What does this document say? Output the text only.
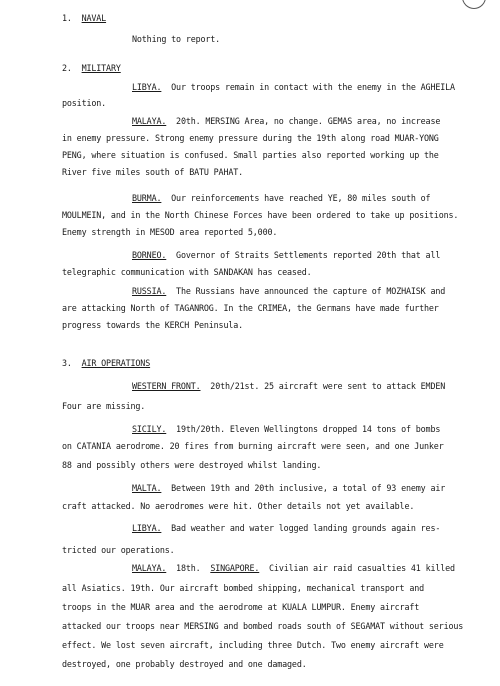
1. NAVAL
Nothing to report.
2. MILITARY
LIBYA. Our troops remain in contact with the enemy in the AGHEILA
position.
MALAYA. 20th. MERSING Area, no change. GEMAS area, no increase
in enemy pressure. Strong enemy pressure during the 19th along road MUAR-YONG
PENG, where situation is confused. Small parties also reported working up the
River five miles south of BATU PAHAT.
BURMA. Our reinforcements have reached YE, 80 miles south of
MOULMEIN, and in the North Chinese Forces have been ordered to take up positions.
Enemy strength in MESOD area reported 5,000.
BORNEO. Governor of Straits Settlements reported 20th that all
telegraphic communication with SANDAKAN has ceased.
RUSSIA. The Russians have announced the capture of MOZHAISK and
are attacking North of TAGANROG. In the CRIMEA, the Germans have made further
progress towards the KERCH Peninsula.
3. AIR OPERATIONS
WESTERN FRONT. 20th/21st. 25 aircraft were sent to attack EMDEN
Four are missing.
SICILY. 19th/20th. Eleven Wellingtons dropped 14 tons of bombs
on CATANIA aerodrome. 20 fires from burning aircraft were seen, and one Junker
88 and possibly others were destroyed whilst landing.
MALTA. Between 19th and 20th inclusive, a total of 93 enemy air
craft attacked. No aerodromes were hit. Other details not yet available.
LIBYA. Bad weather and water logged landing grounds again res-
tricted our operations.
MALAYA. 18th. SINGAPORE. Civilian air raid casualties 41 killed
all Asiatics. 19th. Our aircraft bombed shipping, mechanical transport and
troops in the MUAR area and the aerodrome at KUALA LUMPUR. Enemy aircraft
attacked our troops near MERSING and bombed roads south of SEGAMAT without serious
effect. We lost seven aircraft, including three Dutch. Two enemy aircraft were
destroyed, one probably destroyed and one damaged.
